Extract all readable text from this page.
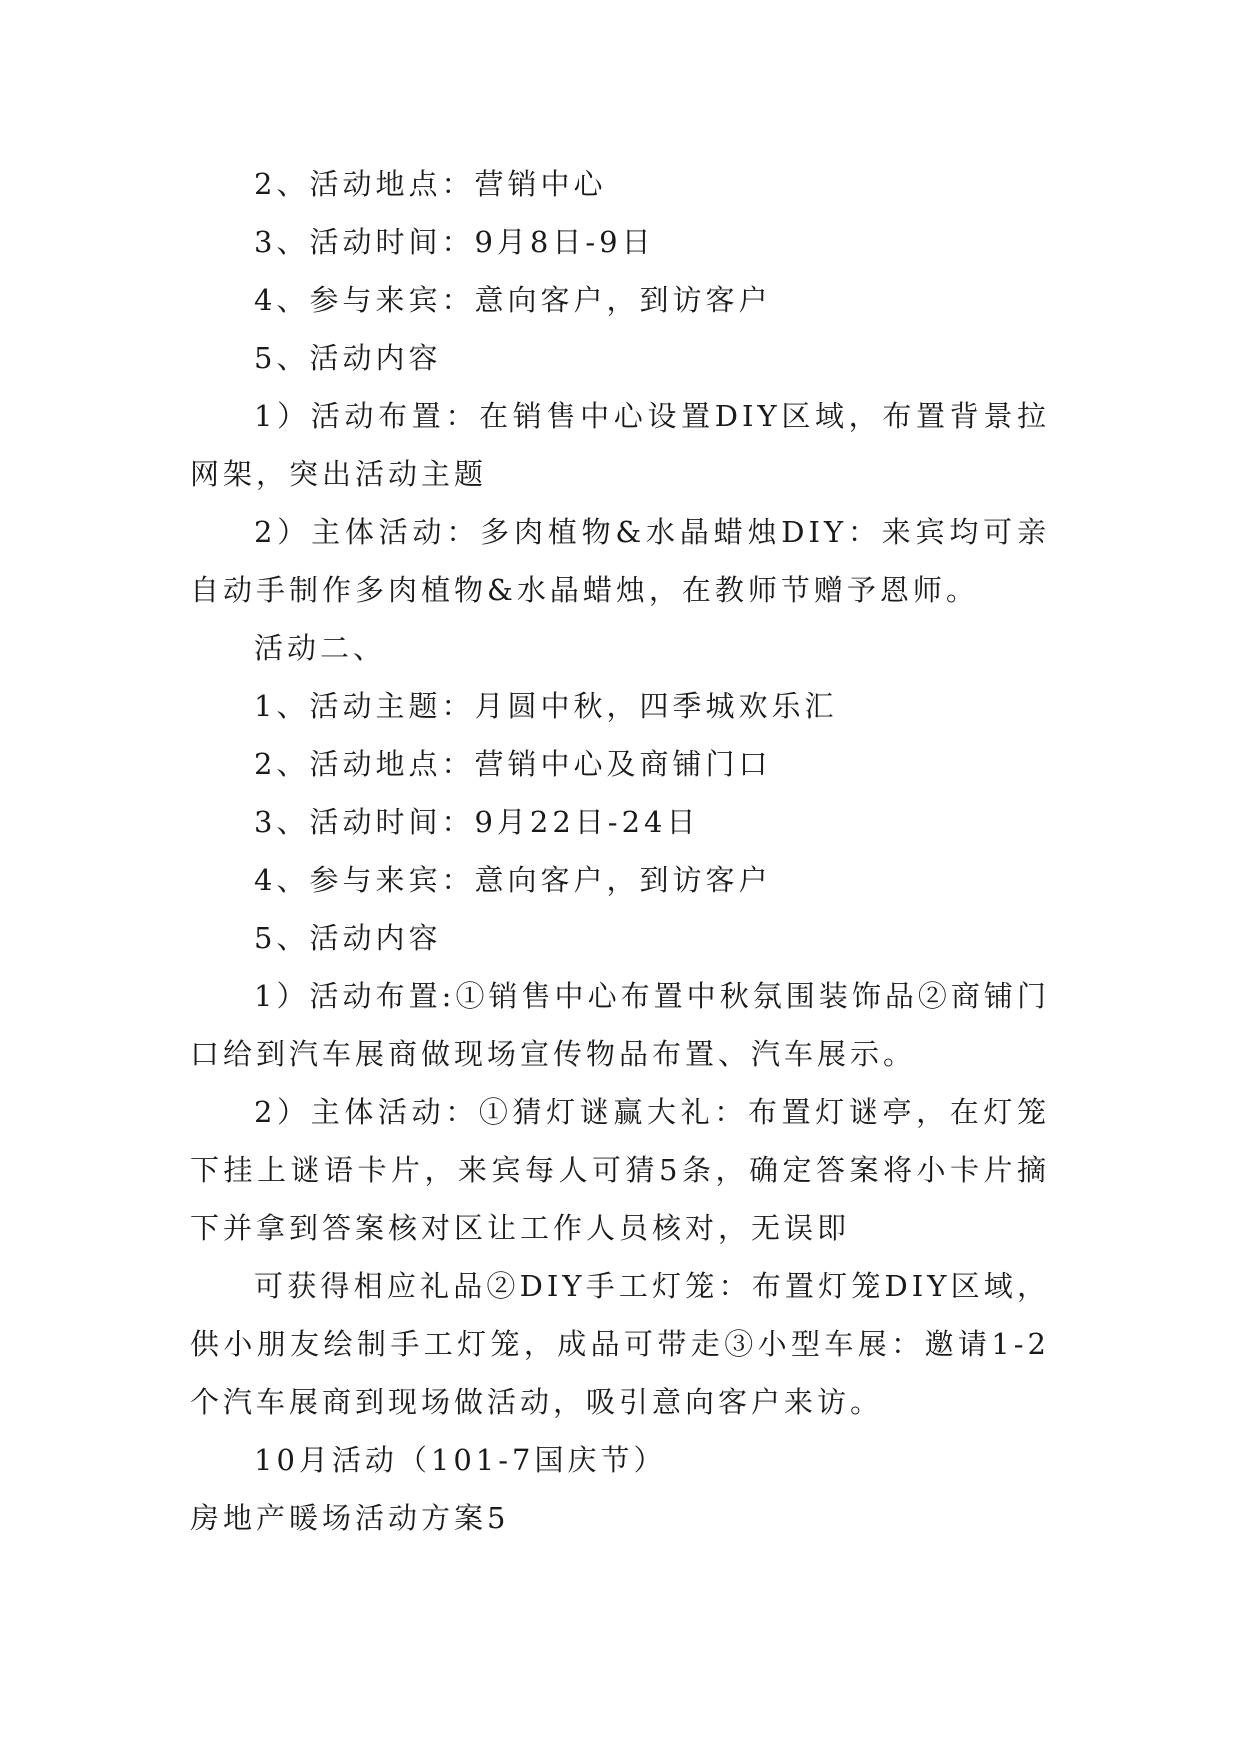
2、活动地点：营销中心

3、活动时间：9月8日-9日

4、参与来宾：意向客户，到访客户

5、活动内容

1）活动布置：在销售中心设置DIY区域，布置背景拉网架，突出活动主题

2）主体活动：多肉植物&水晶蜡烛DIY：来宾均可亲自动手制作多肉植物&水晶蜡烛，在教师节赠予恩师。

活动二、

1、活动主题：月圆中秋，四季城欢乐汇

2、活动地点：营销中心及商铺门口

3、活动时间：9月22日-24日

4、参与来宾：意向客户，到访客户

5、活动内容

1）活动布置:①销售中心布置中秋氛围装饰品②商铺门口给到汽车展商做现场宣传物品布置、汽车展示。

2）主体活动：①猜灯谜赢大礼：布置灯谜亭，在灯笼下挂上谜语卡片，来宾每人可猜5条，确定答案将小卡片摘下并拿到答案核对区让工作人员核对，无误即

可获得相应礼品②DIY手工灯笼：布置灯笼DIY区域，供小朋友绘制手工灯笼，成品可带走③小型车展：邀请1-2个汽车展商到现场做活动，吸引意向客户来访。

10月活动（101-7国庆节）

房地产暖场活动方案5
